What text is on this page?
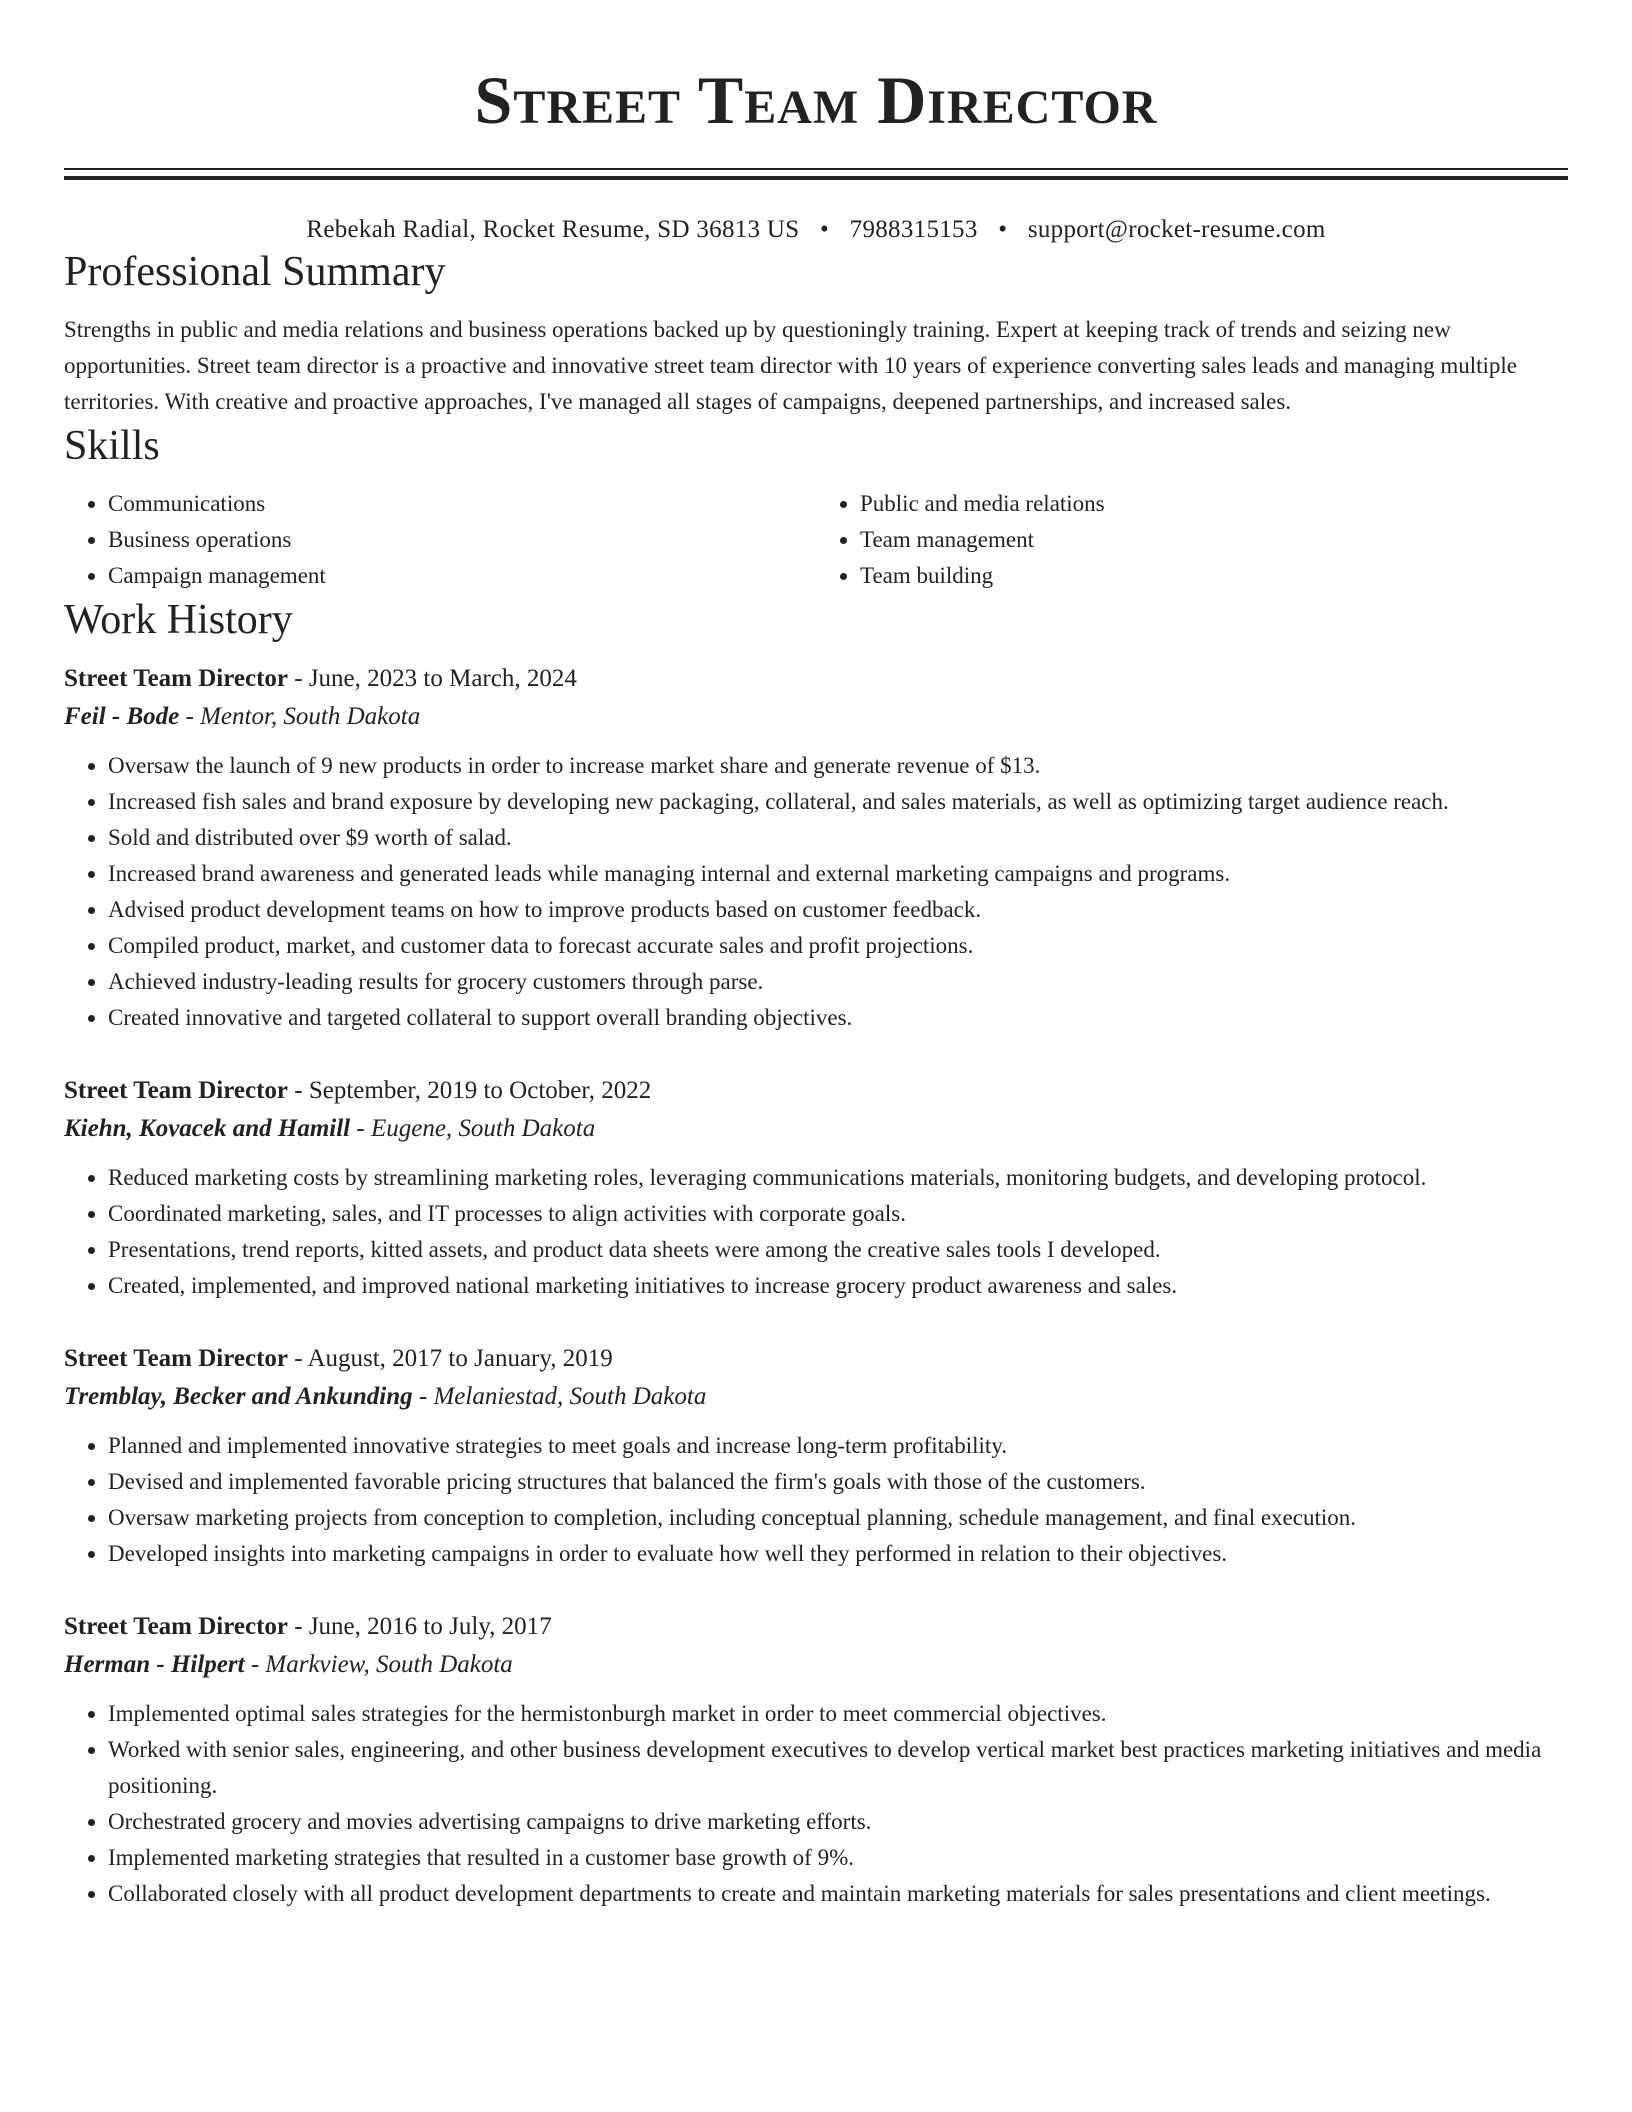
Street Team Director
Rebekah Radial, Rocket Resume, SD 36813 US • 7988315153 • support@rocket-resume.com
Professional Summary
Strengths in public and media relations and business operations backed up by questioningly training. Expert at keeping track of trends and seizing new opportunities. Street team director is a proactive and innovative street team director with 10 years of experience converting sales leads and managing multiple territories. With creative and proactive approaches, I've managed all stages of campaigns, deepened partnerships, and increased sales.
Skills
• Communications
• Business operations
• Campaign management
• Public and media relations
• Team management
• Team building
Work History
Street Team Director - June, 2023 to March, 2024
Feil - Bode - Mentor, South Dakota
• Oversaw the launch of 9 new products in order to increase market share and generate revenue of $13.
• Increased fish sales and brand exposure by developing new packaging, collateral, and sales materials, as well as optimizing target audience reach.
• Sold and distributed over $9 worth of salad.
• Increased brand awareness and generated leads while managing internal and external marketing campaigns and programs.
• Advised product development teams on how to improve products based on customer feedback.
• Compiled product, market, and customer data to forecast accurate sales and profit projections.
• Achieved industry-leading results for grocery customers through parse.
• Created innovative and targeted collateral to support overall branding objectives.
Street Team Director - September, 2019 to October, 2022
Kiehn, Kovacek and Hamill - Eugene, South Dakota
• Reduced marketing costs by streamlining marketing roles, leveraging communications materials, monitoring budgets, and developing protocol.
• Coordinated marketing, sales, and IT processes to align activities with corporate goals.
• Presentations, trend reports, kitted assets, and product data sheets were among the creative sales tools I developed.
• Created, implemented, and improved national marketing initiatives to increase grocery product awareness and sales.
Street Team Director - August, 2017 to January, 2019
Tremblay, Becker and Ankunding - Melaniestad, South Dakota
• Planned and implemented innovative strategies to meet goals and increase long-term profitability.
• Devised and implemented favorable pricing structures that balanced the firm's goals with those of the customers.
• Oversaw marketing projects from conception to completion, including conceptual planning, schedule management, and final execution.
• Developed insights into marketing campaigns in order to evaluate how well they performed in relation to their objectives.
Street Team Director - June, 2016 to July, 2017
Herman - Hilpert - Markview, South Dakota
• Implemented optimal sales strategies for the hermistonburgh market in order to meet commercial objectives.
• Worked with senior sales, engineering, and other business development executives to develop vertical market best practices marketing initiatives and media positioning.
• Orchestrated grocery and movies advertising campaigns to drive marketing efforts.
• Implemented marketing strategies that resulted in a customer base growth of 9%.
• Collaborated closely with all product development departments to create and maintain marketing materials for sales presentations and client meetings.
